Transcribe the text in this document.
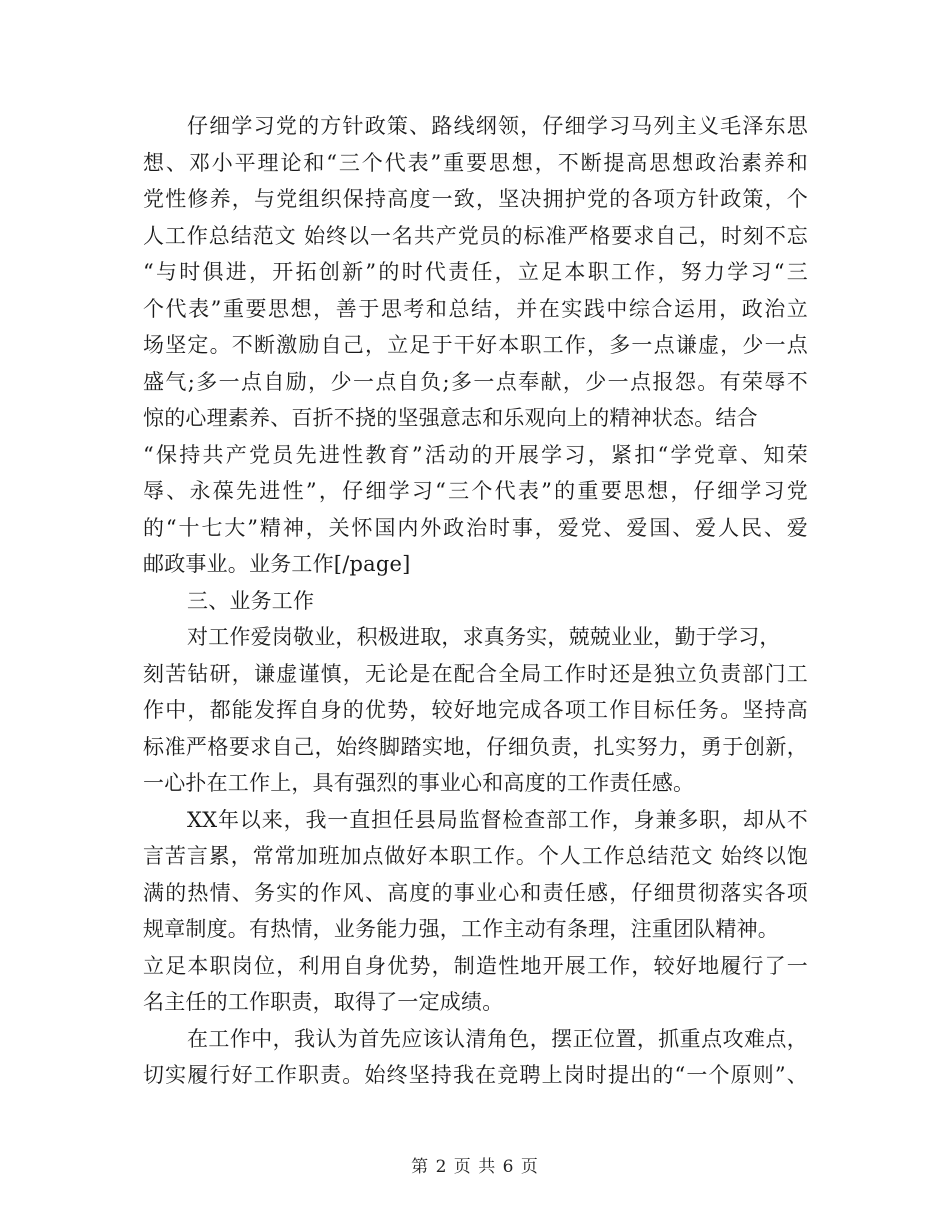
仔细学习党的方针政策、路线纲领，仔细学习马列主义毛泽东思
想、邓小平理论和“三个代表”重要思想，不断提高思想政治素养和
党性修养，与党组织保持高度一致，坚决拥护党的各项方针政策，个
人工作总结范文 始终以一名共产党员的标准严格要求自己，时刻不忘
“与时俱进，开拓创新”的时代责任，立足本职工作，努力学习“三
个代表”重要思想，善于思考和总结，并在实践中综合运用，政治立
场坚定。不断激励自己，立足于干好本职工作，多一点谦虚，少一点
盛气;多一点自励，少一点自负;多一点奉献，少一点报怨。有荣辱不
惊的心理素养、百折不挠的坚强意志和乐观向上的精神状态。结合
“保持共产党员先进性教育”活动的开展学习，紧扣“学党章、知荣
辱、永葆先进性”，仔细学习“三个代表”的重要思想，仔细学习党
的“十七大”精神，关怀国内外政治时事，爱党、爱国、爱人民、爱
邮政事业。业务工作[/page]
三、业务工作
对工作爱岗敬业，积极进取，求真务实，兢兢业业，勤于学习，
刻苦钻研，谦虚谨慎，无论是在配合全局工作时还是独立负责部门工
作中，都能发挥自身的优势，较好地完成各项工作目标任务。坚持高
标准严格要求自己，始终脚踏实地，仔细负责，扎实努力，勇于创新，
一心扑在工作上，具有强烈的事业心和高度的工作责任感。
XX年以来，我一直担任县局监督检查部工作，身兼多职，却从不
言苦言累，常常加班加点做好本职工作。个人工作总结范文 始终以饱
满的热情、务实的作风、高度的事业心和责任感，仔细贯彻落实各项
规章制度。有热情，业务能力强，工作主动有条理，注重团队精神。
立足本职岗位，利用自身优势，制造性地开展工作，较好地履行了一
名主任的工作职责，取得了一定成绩。
在工作中，我认为首先应该认清角色，摆正位置，抓重点攻难点，
切实履行好工作职责。始终坚持我在竞聘上岗时提出的“一个原则”、
第 2 页 共 6 页
